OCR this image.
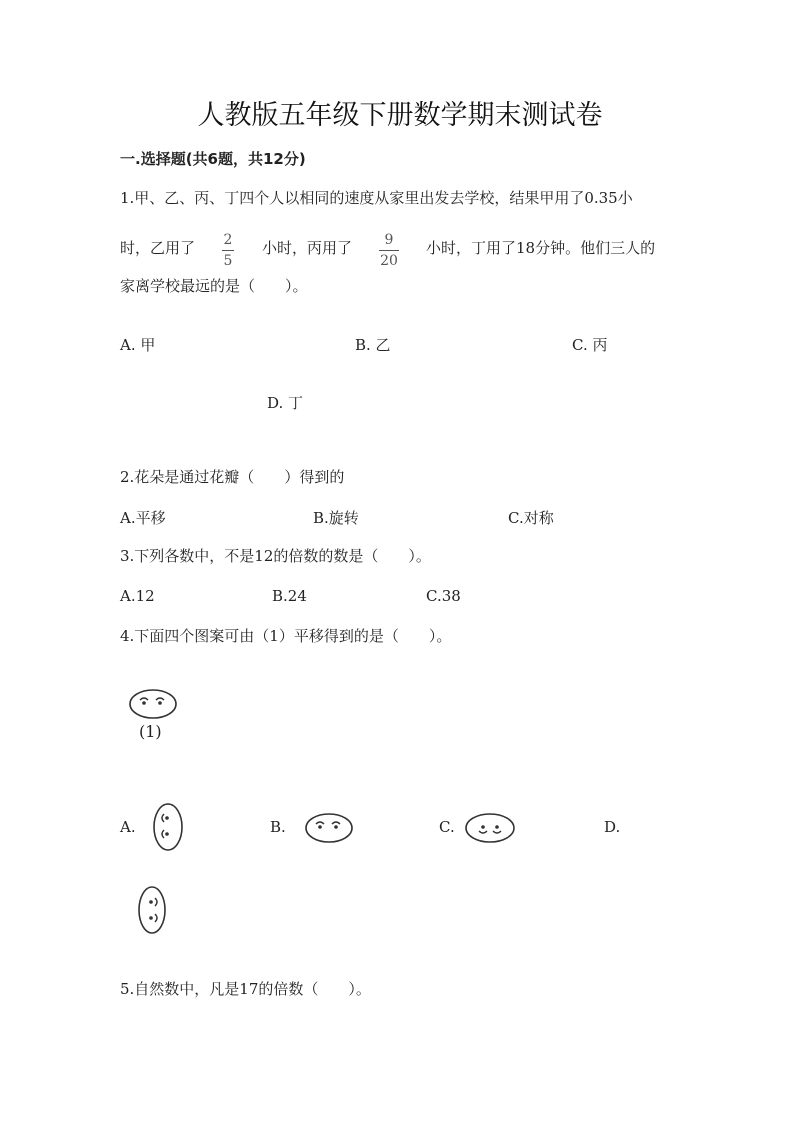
人教版五年级下册数学期末测试卷
一.选择题(共6题，共12分)
1.甲、乙、丙、丁四个人以相同的速度从家里出发去学校，结果甲用了0.35小
时，乙用了 2
5
小时，丙用了 9
20
小时，丁用了18分钟。他们三人的
家离学校最远的是（　　）。
A. 甲	B. 乙	C. 丙
D. 丁
2.花朵是通过花瓣（　　）得到的
A.平移	B.旋转	C.对称
3.下列各数中，不是12的倍数的数是（　　）。
A.12	B.24	C.38
4.下面四个图案可由（1）平移得到的是（　　）。
(1)
A.	B.	C.	D.
5.自然数中，凡是17的倍数（　　）。
